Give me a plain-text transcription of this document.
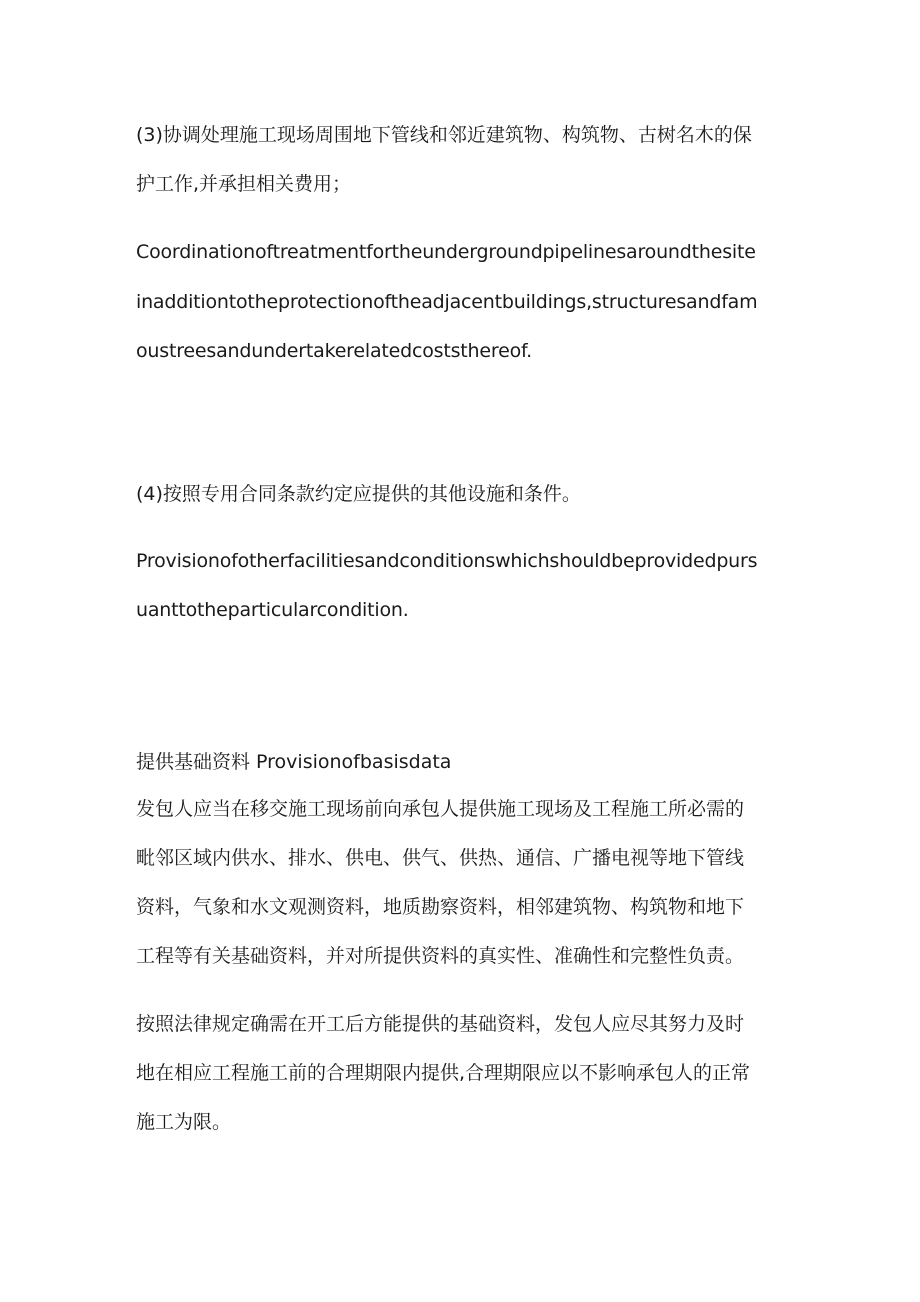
(3)协调处理施工现场周围地下管线和邻近建筑物、构筑物、古树名木的保
护工作,并承担相关费用；
Coordinationoftreatmentfortheundergroundpipelinesaroundthesite
inadditiontotheprotectionoftheadjacentbuildings,structuresandfam
oustreesandundertakerelatedcoststhereof.
(4)按照专用合同条款约定应提供的其他设施和条件。
Provisionofotherfacilitiesandconditionswhichshouldbeprovidedpurs
uanttotheparticularcondition.
提供基础资料 Provisionofbasisdata
发包人应当在移交施工现场前向承包人提供施工现场及工程施工所必需的
毗邻区域内供水、排水、供电、供气、供热、通信、广播电视等地下管线
资料，气象和水文观测资料，地质勘察资料，相邻建筑物、构筑物和地下
工程等有关基础资料，并对所提供资料的真实性、准确性和完整性负责。
按照法律规定确需在开工后方能提供的基础资料，发包人应尽其努力及时
地在相应工程施工前的合理期限内提供,合理期限应以不影响承包人的正常
施工为限。
